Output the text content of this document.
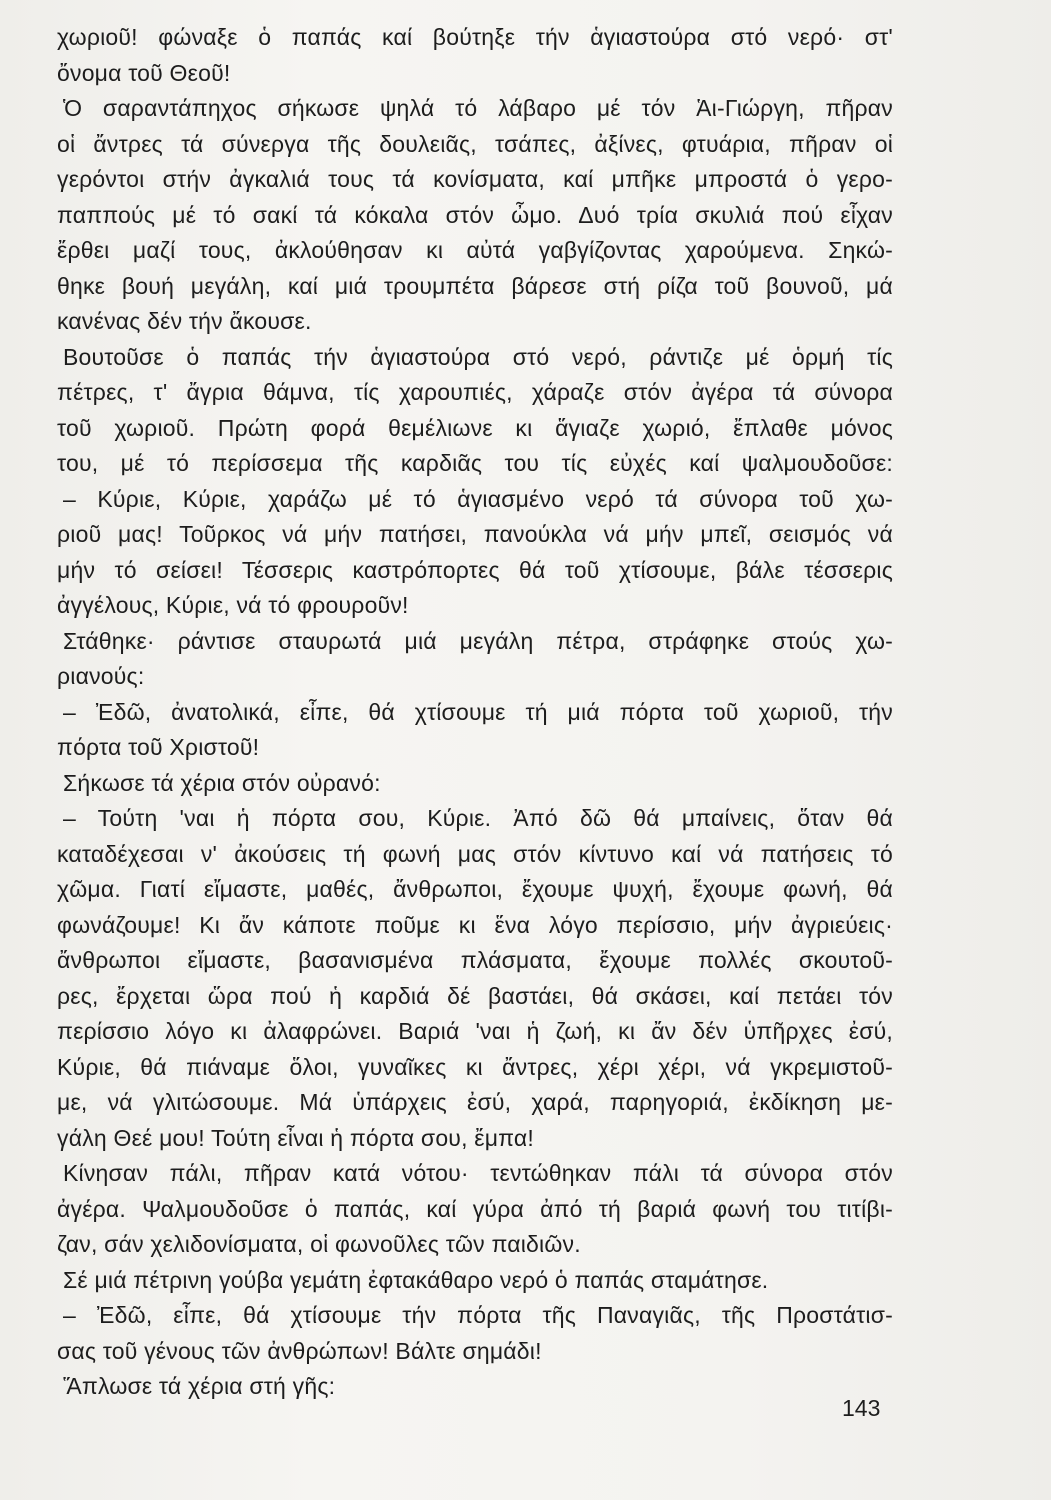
χωριοῦ! φώναξε ὁ παπάς καί βούτηξε τήν ἁγιαστούρα στό νερό· στ'
ὄνομα τοῦ Θεοῦ!
Ὁ σαραντάπηχος σήκωσε ψηλά τό λάβαρο μέ τόν Ἁι-Γιώργη, πῆραν
οἱ ἄντρες τά σύνεργα τῆς δουλειᾶς, τσάπες, ἀξίνες, φτυάρια, πῆραν οἱ
γερόντοι στήν ἀγκαλιά τους τά κονίσματα, καί μπῆκε μπροστά ὁ γερο-
παππούς μέ τό σακί τά κόκαλα στόν ὦμο. Δυό τρία σκυλιά πού εἶχαν
ἔρθει μαζί τους, ἀκλούθησαν κι αὐτά γαβγίζοντας χαρούμενα. Σηκώ-
θηκε βουή μεγάλη, καί μιά τρουμπέτα βάρεσε στή ρίζα τοῦ βουνοῦ, μά
κανένας δέν τήν ἄκουσε.
Βουτοῦσε ὁ παπάς τήν ἁγιαστούρα στό νερό, ράντιζε μέ ὁρμή τίς
πέτρες, τ' ἄγρια θάμνα, τίς χαρουπιές, χάραζε στόν ἀγέρα τά σύνορα
τοῦ χωριοῦ. Πρώτη φορά θεμέλιωνε κι ἅγιαζε χωριό, ἔπλαθε μόνος
του, μέ τό περίσσεμα τῆς καρδιᾶς του τίς εὐχές καί ψαλμουδοῦσε:
– Κύριε, Κύριε, χαράζω μέ τό ἁγιασμένο νερό τά σύνορα τοῦ χω-
ριοῦ μας! Τοῦρκος νά μήν πατήσει, πανούκλα νά μήν μπεῖ, σεισμός νά
μήν τό σείσει! Τέσσερις καστρόπορτες θά τοῦ χτίσουμε, βάλε τέσσερις
ἀγγέλους, Κύριε, νά τό φρουροῦν!
Στάθηκε· ράντισε σταυρωτά μιά μεγάλη πέτρα, στράφηκε στούς χω-
ριανούς:
– Ἐδῶ, ἀνατολικά, εἶπε, θά χτίσουμε τή μιά πόρτα τοῦ χωριοῦ, τήν
πόρτα τοῦ Χριστοῦ!
Σήκωσε τά χέρια στόν οὐρανό:
– Τούτη 'ναι ἡ πόρτα σου, Κύριε. Ἀπό δῶ θά μπαίνεις, ὅταν θά
καταδέχεσαι ν' ἀκούσεις τή φωνή μας στόν κίντυνο καί νά πατήσεις τό
χῶμα. Γιατί εἴμαστε, μαθές, ἄνθρωποι, ἔχουμε ψυχή, ἔχουμε φωνή, θά
φωνάζουμε! Κι ἄν κάποτε ποῦμε κι ἕνα λόγο περίσσιο, μήν ἀγριεύεις·
ἄνθρωποι εἴμαστε, βασανισμένα πλάσματα, ἔχουμε πολλές σκουτοῦ-
ρες, ἔρχεται ὥρα πού ἡ καρδιά δέ βαστάει, θά σκάσει, καί πετάει τόν
περίσσιο λόγο κι ἀλαφρώνει. Βαριά 'ναι ἡ ζωή, κι ἄν δέν ὑπῆρχες ἐσύ,
Κύριε, θά πιάναμε ὅλοι, γυναῖκες κι ἄντρες, χέρι χέρι, νά γκρεμιστοῦ-
με, νά γλιτώσουμε. Μά ὑπάρχεις ἐσύ, χαρά, παρηγοριά, ἐκδίκηση με-
γάλη Θεέ μου! Τούτη εἶναι ἡ πόρτα σου, ἔμπα!
Κίνησαν πάλι, πῆραν κατά νότου· τεντώθηκαν πάλι τά σύνορα στόν
ἀγέρα. Ψαλμουδοῦσε ὁ παπάς, καί γύρα ἀπό τή βαριά φωνή του τιτίβι-
ζαν, σάν χελιδονίσματα, οἱ φωνοῦλες τῶν παιδιῶν.
Σέ μιά πέτρινη γούβα γεμάτη ἐφτακάθαρο νερό ὁ παπάς σταμάτησε.
– Ἐδῶ, εἶπε, θά χτίσουμε τήν πόρτα τῆς Παναγιᾶς, τῆς Προστάτισ-
σας τοῦ γένους τῶν ἀνθρώπων! Βάλτε σημάδι!
Ἅπλωσε τά χέρια στή γῆς:
143
